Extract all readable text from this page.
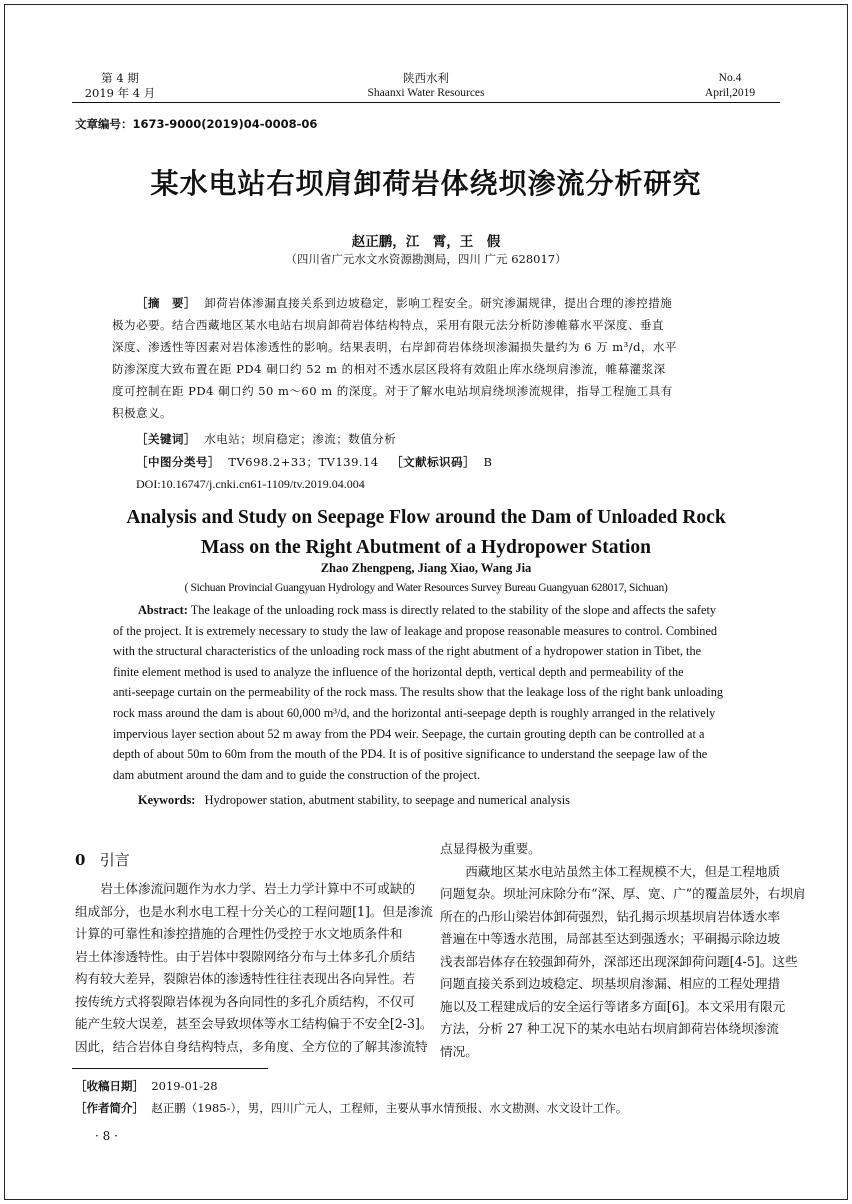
第 4 期
2019 年 4 月
陕西水利
Shaanxi Water Resources
No.4
April,2019
文章编号：1673-9000(2019)04-0008-06
某水电站右坝肩卸荷岩体绕坝渗流分析研究
赵正鹏，江　霄，王　假
（四川省广元水文水资源勘测局，四川 广元 628017）
［摘　要］ 卸荷岩体渗漏直接关系到边坡稳定，影响工程安全。研究渗漏规律，提出合理的渗控措施
极为必要。结合西藏地区某水电站右坝肩卸荷岩体结构特点，采用有限元法分析防渗帷幕水平深度、垂直
深度、渗透性等因素对岩体渗透性的影响。结果表明，右岸卸荷岩体绕坝渗漏损失量约为 6 万 m³/d，水平
防渗深度大致布置在距 PD4 硐口约 52 m 的相对不透水层区段将有效阻止库水绕坝肩渗流，帷幕灌浆深
度可控制在距 PD4 硐口约 50 m～60 m 的深度。对于了解水电站坝肩绕坝渗流规律，指导工程施工具有
积极意义。
［关键词］ 水电站；坝肩稳定；渗流；数值分析
［中图分类号］ TV698.2+33；TV139.14 ［文献标识码］ B
DOI:10.16747/j.cnki.cn61-1109/tv.2019.04.004
Analysis and Study on Seepage Flow around the Dam of Unloaded Rock
Mass on the Right Abutment of a Hydropower Station
Zhao Zhengpeng, Jiang Xiao, Wang Jia
( Sichuan Provincial Guangyuan Hydrology and Water Resources Survey Bureau Guangyuan 628017, Sichuan)
Abstract: The leakage of the unloading rock mass is directly related to the stability of the slope and affects the safety
of the project. It is extremely necessary to study the law of leakage and propose reasonable measures to control. Combined
with the structural characteristics of the unloading rock mass of the right abutment of a hydropower station in Tibet, the
finite element method is used to analyze the influence of the horizontal depth, vertical depth and permeability of the
anti-seepage curtain on the permeability of the rock mass. The results show that the leakage loss of the right bank unloading
rock mass around the dam is about 60,000 m³/d, and the horizontal anti-seepage depth is roughly arranged in the relatively
impervious layer section about 52 m away from the PD4 weir. Seepage, the curtain grouting depth can be controlled at a
depth of about 50m to 60m from the mouth of the PD4. It is of positive significance to understand the seepage law of the
dam abutment around the dam and to guide the construction of the project.
Keywords: Hydropower station, abutment stability, to seepage and numerical analysis
0 引言
　　岩土体渗流问题作为水力学、岩土力学计算中不可或缺的
组成部分，也是水利水电工程十分关心的工程问题[1]。但是渗流
计算的可靠性和渗控措施的合理性仍受控于水文地质条件和
岩土体渗透特性。由于岩体中裂隙网络分布与土体多孔介质结
构有较大差异，裂隙岩体的渗透特性往往表现出各向异性。若
按传统方式将裂隙岩体视为各向同性的多孔介质结构，不仅可
能产生较大误差，甚至会导致坝体等水工结构偏于不安全[2-3]。
因此，结合岩体自身结构特点，多角度、全方位的了解其渗流特
点显得极为重要。
　　西藏地区某水电站虽然主体工程规模不大，但是工程地质
问题复杂。坝址河床除分布“深、厚、宽、广”的覆盖层外，右坝肩
所在的凸形山梁岩体卸荷强烈，钻孔揭示坝基坝肩岩体透水率
普遍在中等透水范围，局部甚至达到强透水；平硐揭示除边坡
浅表部岩体存在较强卸荷外，深部还出现深卸荷问题[4-5]。这些
问题直接关系到边坡稳定、坝基坝肩渗漏、相应的工程处理措
施以及工程建成后的安全运行等诸多方面[6]。本文采用有限元
方法，分析 27 种工况下的某水电站右坝肩卸荷岩体绕坝渗流
情况。
［收稿日期］ 2019-01-28
［作者简介］ 赵正鹏（1985-），男，四川广元人，工程师，主要从事水情预报、水文勘测、水文设计工作。
· 8 ·
